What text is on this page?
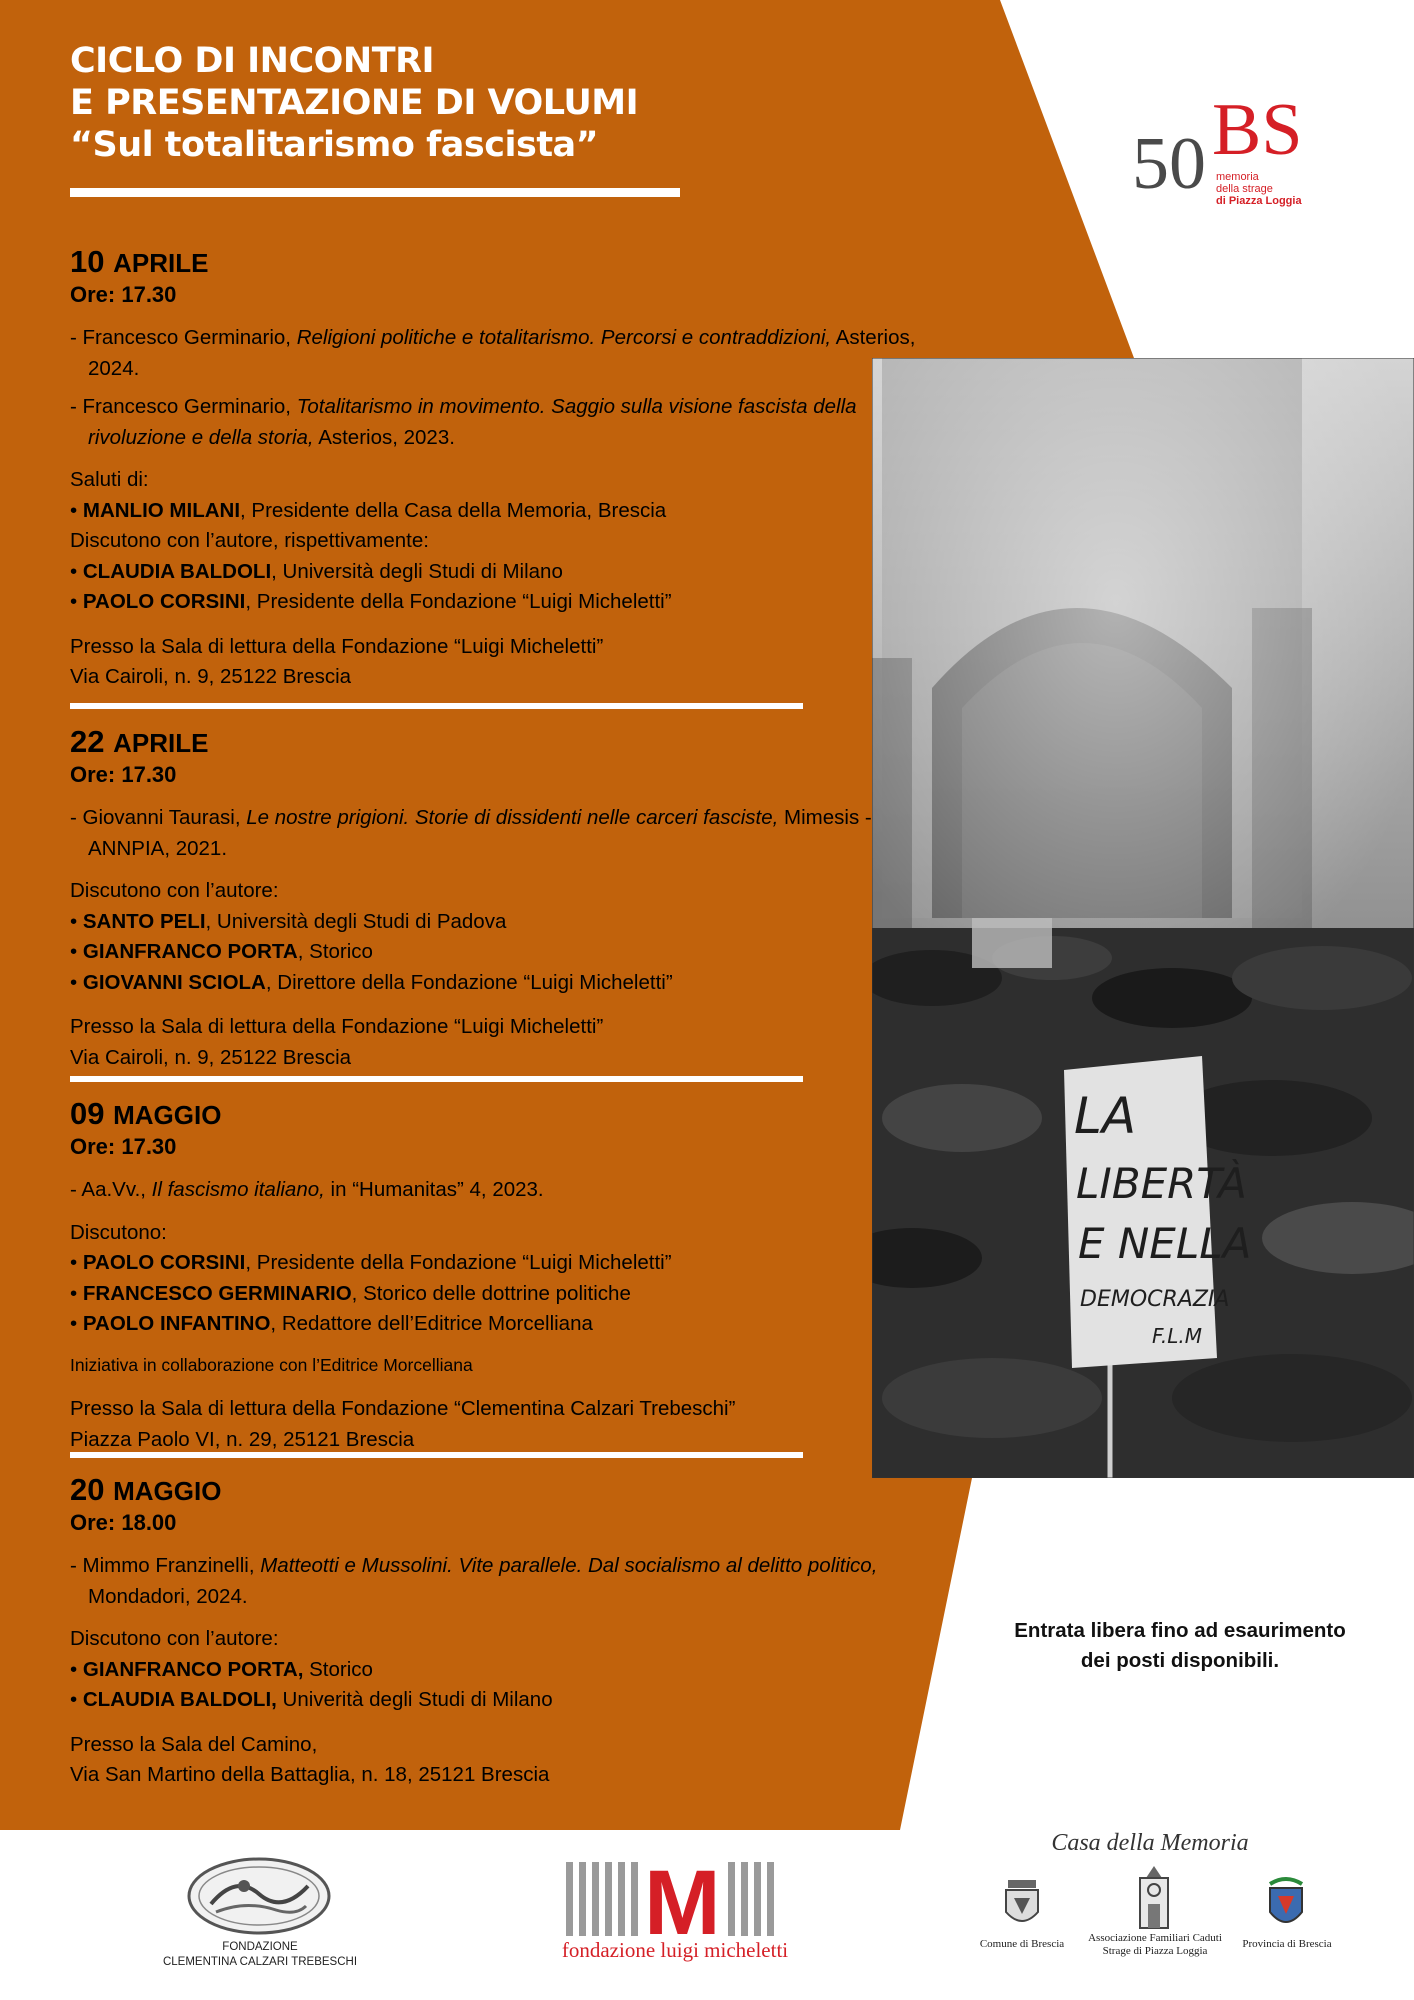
CICLO DI INCONTRI
E PRESENTAZIONE DI VOLUMI
“Sul totalitarismo fascista”
10 APRILE
Ore: 17.30
- Francesco Germinario, Religioni politiche e totalitarismo. Percorsi e contraddizioni, Asterios, 2024.
- Francesco Germinario, Totalitarismo in movimento. Saggio sulla visione fascista della rivoluzione e della storia, Asterios, 2023.
Saluti di:
• MANLIO MILANI, Presidente della Casa della Memoria, Brescia
Discutono con l’autore, rispettivamente:
• CLAUDIA BALDOLI, Università degli Studi di Milano
• PAOLO CORSINI, Presidente della Fondazione “Luigi Micheletti”
Presso la Sala di lettura della Fondazione “Luigi Micheletti”
Via Cairoli, n. 9, 25122 Brescia
22 APRILE
Ore: 17.30
- Giovanni Taurasi, Le nostre prigioni. Storie di dissidenti nelle carceri fasciste, Mimesis - ANNPIA, 2021.
Discutono con l’autore:
• SANTO PELI, Università degli Studi di Padova
• GIANFRANCO PORTA, Storico
• GIOVANNI SCIOLA, Direttore della Fondazione “Luigi Micheletti”
Presso la Sala di lettura della Fondazione “Luigi Micheletti”
Via Cairoli, n. 9, 25122 Brescia
09 MAGGIO
Ore: 17.30
- Aa.Vv., Il fascismo italiano, in “Humanitas” 4, 2023.
Discutono:
• PAOLO CORSINI, Presidente della Fondazione “Luigi Micheletti”
• FRANCESCO GERMINARIO, Storico delle dottrine politiche
• PAOLO INFANTINO, Redattore dell’Editrice Morcelliana
Iniziativa in collaborazione con l’Editrice Morcelliana
Presso la Sala di lettura della Fondazione “Clementina Calzari Trebeschi”
Piazza Paolo VI, n. 29, 25121 Brescia
20 MAGGIO
Ore: 18.00
- Mimmo Franzinelli, Matteotti e Mussolini. Vite parallele. Dal socialismo al delitto politico, Mondadori, 2024.
Discutono con l’autore:
• GIANFRANCO PORTA, Storico
• CLAUDIA BALDOLI, Univerità degli Studi di Milano
Presso la Sala del Camino,
Via San Martino della Battaglia, n. 18, 25121 Brescia
50 BS
memoria
della strage
di Piazza Loggia
LA
LIBERTÀ
E NELLA
DEMOCRAZIA
F.L.M
Entrata libera fino ad esaurimento
dei posti disponibili.
FONDAZIONE
CLEMENTINA CALZARI TREBESCHI
M
fondazione luigi micheletti
Casa della Memoria
Comune di Brescia	Associazione Familiari Caduti
Strage di Piazza Loggia
Provincia di Brescia
